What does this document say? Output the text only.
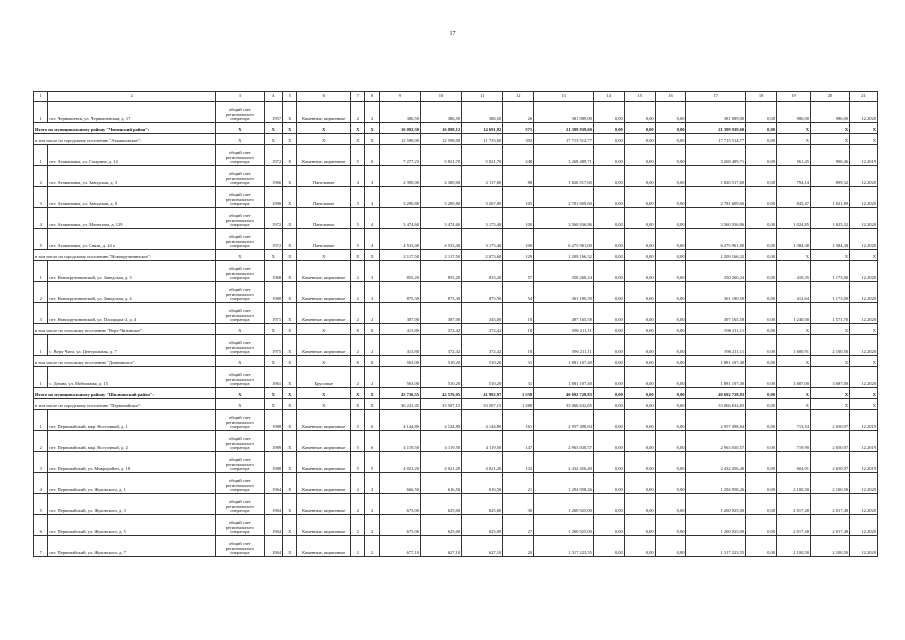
17
1	2	3	4	5	6	7	8	9	10	11	12	13	14	15	16	17	18	19	20	21
1	пгт. Чернышевск, ул. Чернышевская, д. 17	общий счет регионального оператора	1957	X	Каменные, кирпичные	2	2	386,50	386,50	386,50	26	381 089,00	0,00	0,00	0,00	381 089,00	0,00	986,00	986,00	12.2020
Итого по муниципальному району "Читинский район":		X	X	X	X	X	X	16 092,30	16 098,12	14 691,82	571	21 399 939,60	0,00	0,00	0,00	21 399 939,60	0,00	X	X	X
в том числе по городскому поселению "Атамановское":		X	X	X	X	X	X	12 598,00	12 598,00	11 735,60	392	17 713 514,77	0,00	0,00	0,00	17 713 514,77	0,00	X	X	X
1	пгт. Атамановка, ул. Гагарина, д. 14	общий счет регионального оператора	1972	X	Каменные, кирпичные	5	6	7 277,23	5 821,70	5 821,70	248	3 268 489,71	0,00	0,00	0,00	3 268 489,71	0,00	561,45	900,46	12.2019
2	пгт. Атамановка, ул. Заводская, д. 3	общий счет регионального оператора	1966	X	Панельные	4	3	2 390,00	2 300,00	2 117,00	88	1 826 517,60	0,00	0,00	0,00	1 826 517,60	0,00	794,14	899,32	12.2020
3	пгт. Атамановка, ул. Заводская, д. 8	общий счет регионального оператора	1990	X	Панельные	5	4	3 290,80	3 290,80	3 267,80	105	2 781 609,60	0,00	0,00	0,00	2 781 609,60	0,00	845,47	1 621,89	12.2020
4	пгт. Атамановка, ул. Матюгина, д. 129	общий счет регионального оператора	1972	X	Панельные	5	4	3 474,60	3 474,60	3 175,40	100	3 560 936,86	0,00	0,00	0,00	3 560 936,86	0,00	1 024,85	1 025,32	12.2020
5	пгт. Атамановка, ул. Связи, д. 24 а	общий счет регионального оператора	1972	X	Панельные	5	4	4 533,40	4 533,40	3 175,40	100	6 275 961,00	0,00	0,00	0,00	6 275 961,00	0,00	1 384,38	1 384,38	12.2020
в том числе по городскому поселению "Новокручининское":		X	X	X	X	X	X	2 117,50	2 117,50	2 073,60	129	1 209 166,32	0,00	0,00	0,00	1 209 166,32	0,00	X	X	X
1	пгт. Новокручининский, ул. Заводская, д. 3	общий счет регионального оператора	1968	X	Каменные, кирпичные	2	3	855,20	855,20	833,20	57	350 260,24	0,00	0,00	0,00	350 260,24	0,00	410,35	1 173,00	12.2020
2	пгт. Новокручининский, ул. Заводская, д. 4	общий счет регионального оператора	1980	X	Каменные, кирпичные	2	3	875,30	875,30	875,30	54	361 180,50	0,00	0,00	0,00	361 180,50	0,00	412,64	1 173,00	12.2020
3	пгт. Новокручининский, ул. Площадка-2, д. 4	общий счет регионального оператора	1971	X	Каменные, кирпичные	2	2	387,00	387,00	343,00	18	497 165,58	0,00	0,00	0,00	497 165,58	0,00	1 240,00	1 571,70	12.2020
в том числе по сельскому поселению "Верх-Читинское":		X	X	X	X	X	X	413,80	372,42	372,42	18	596 211,11	0,00	0,00	0,00	596 211,11	0,00	X	X	X
1	с. Верх-Чита, ул. Центральная, д. 7	общий счет регионального оператора	1975	X	Каменные, кирпичные	2	2	413,80	372,42	372,42	18	596 211,11	0,00	0,00	0,00	596 211,11	0,00	1 600,91	2 100,50	12.2020
в том числе по сельскому поселению "Домнинское":		X	X	X	X	X	X	563,00	510,20	510,20	31	1 881 107,40	0,00	0,00	0,00	1 881 107,40	0,00	X	X	X
1	с. Домна, ул. Мобильная, д. 15	общий счет регионального оператора	1961	X	Брусовые	2	2	563,00	510,20	510,20	31	1 881 107,40	0,00	0,00	0,00	1 881 107,40	0,00	3 687,00	3 687,00	12.2020
Итого по муниципальному району "Шилкинский район":		X	X	X	X	X	X	45 736,55	42 576,05	41 992,97	1 538	40 692 728,83	0,00	0,00	0,00	40 692 728,83	0,00	X	X	X
в том числе по городскому поселению "Первомайское":		X	X	X	X	X	X	36 241,45	33 507,15	33 507,15	1 288	33 066 632,65	0,00	0,00	0,00	33 066 632,65	0,00	X	X	X
1	пгт. Первомайский, мкр. Восточный, д. 1	общий счет регионального оператора	1988	X	Каменные, кирпичные	5	6	4 144,80	4 144,80	4 144,80	161	2 957 498,84	0,00	0,00	0,00	2 957 498,84	0,00	713,54	2 650,97	12.2019
2	пгт. Первомайский, мкр. Восточный, д. 2	общий счет регионального оператора	1989	X	Каменные, кирпичные	5	6	4 119,50	4 119,50	4 119,50	147	2 963 030,57	0,00	0,00	0,00	2 963 030,57	0,00	719,90	2 650,97	12.2019
3	пгт. Первомайский, ул. Микрорайон, д. 18	общий счет регионального оператора	1988	X	Каменные, кирпичные	5	5	4 021,20	4 021,20	4 021,20	132	2 432 456,40	0,00	0,00	0,00	2 432 456,40	0,00	604,91	2 650,97	12.2019
4	пгт. Первомайский, ул. Жуковского, д. 1	общий счет регионального оператора	1964	X	Каменные, кирпичные	2	2	666,50	616,50	616,50	21	1 294 958,26	0,00	0,00	0,00	1 294 958,26	0,00	2 100,50	2 100,50	12.2020
5	пгт. Первомайский, ул. Жуковского, д. 3	общий счет регионального оператора	1964	X	Каменные, кирпичные	2	2	675,00	625,00	625,00	30	1 260 925,00	0,00	0,00	0,00	1 260 925,00	0,00	2 017,48	2 017,48	12.2020
6	пгт. Первомайский, ул. Жуковского, д. 5	общий счет регионального оператора	1964	X	Каменные, кирпичные	2	2	675,00	625,00	625,00	27	1 260 925,00	0,00	0,00	0,00	1 260 925,00	0,00	2 017,48	2 017,48	12.2020
7	пгт. Первомайский, ул. Жуковского, д. 7	общий счет регионального оператора	1964	X	Каменные, кирпичные	2	2	677,10	627,10	627,10	20	1 317 223,55	0,00	0,00	0,00	1 317 223,55	0,00	2 100,50	2 100,50	12.2020
